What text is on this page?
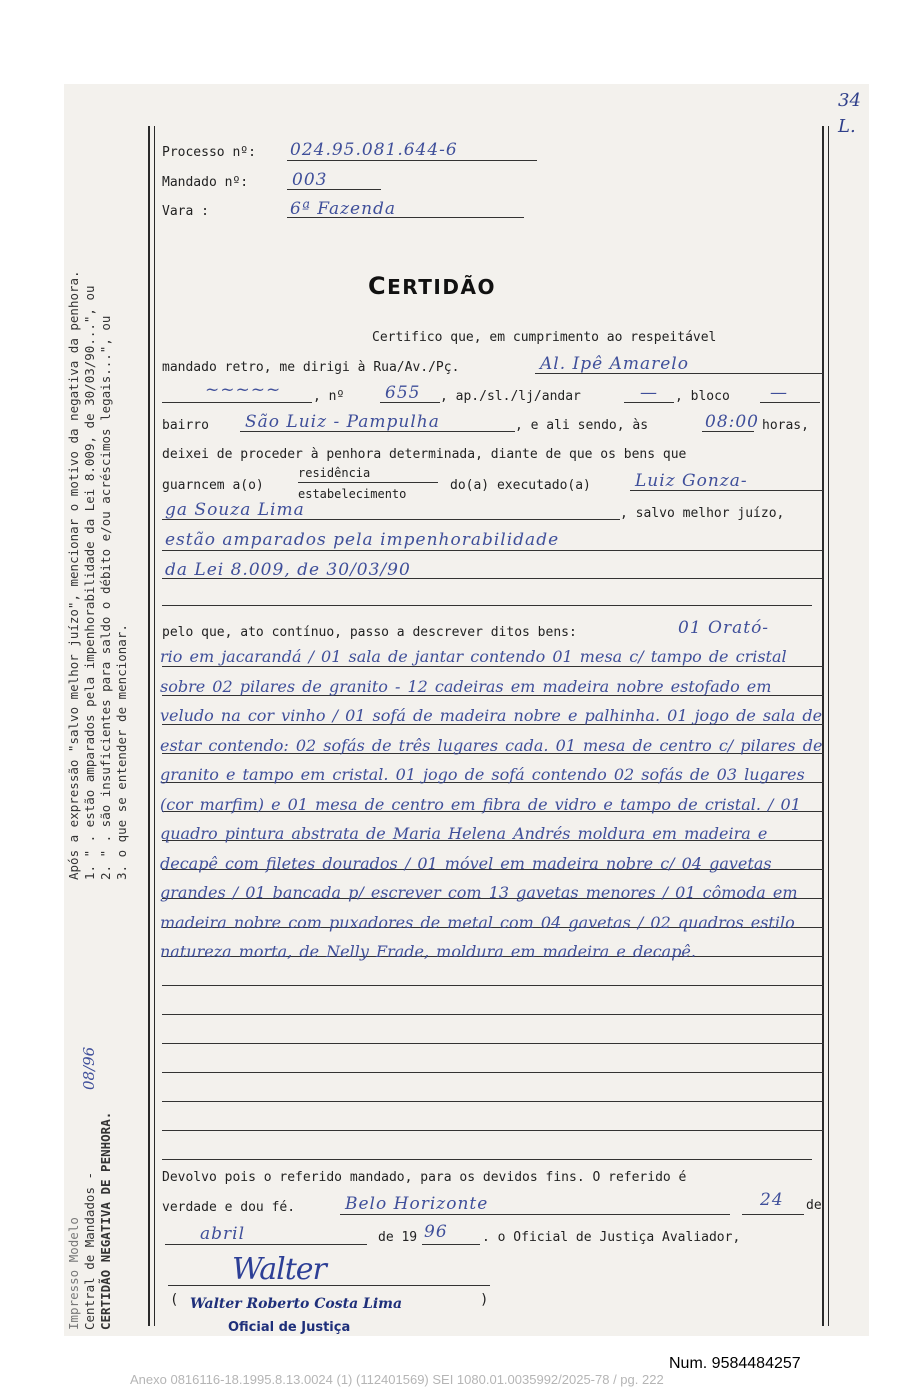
34
L.
Após a expressão "salvo melhor juízo", mencionar o motivo da negativa da penhora. 1. " . estão amparados pela impenhorabilidade da Lei 8.009, de 30/03/90...", ou 2. " . são insuficientes para saldo o débito e/ou acréscimos legais...", ou 3. o que se entender de mencionar.
Impresso Modelo Central de Mandados - CERTIDÃO NEGATIVA DE PENHORA.
08/96
Processo nº: 024.95.081.644-6
Mandado nº:	003
Vara :	6ª Fazenda
CERTIDÃO
Certifico que, em cumprimento ao respeitável
mandado retro, me dirigi à Rua/Av./Pç.	Al. Ipê Amarelo
~~~~~ , nº 655 , ap./sl./lj/andar	— , bloco —
bairro São Luiz - Pampulha	, e ali sendo, às	08:00 horas,
deixei de proceder à penhora determinada, diante de que os bens que
guarncem a(o)
residência
estabelecimento
do(a) executado(a)	Luiz Gonza-
ga Souza Lima	, salvo melhor juízo,
estão amparados pela impenhorabilidade
da Lei 8.009, de 30/03/90
pelo que, ato contínuo, passo a descrever ditos bens:	01 Orató-
rio em jacarandá / 01 sala de jantar contendo 01 mesa c/ tampo de cristal sobre 02 pilares de granito - 12 cadeiras em madeira nobre estofado em veludo na cor vinho / 01 sofá de madeira nobre e palhinha. 01 jogo de sala de estar contendo: 02 sofás de três lugares cada. 01 mesa de centro c/ pilares de granito e tampo em cristal. 01 jogo de sofá contendo 02 sofás de 03 lugares (cor marfim) e 01 mesa de centro em fibra de vidro e tampo de cristal. / 01 quadro pintura abstrata de Maria Helena Andrés moldura em madeira e decapê com filetes dourados / 01 móvel em madeira nobre c/ 04 gavetas grandes / 01 bancada p/ escrever com 13 gavetas menores / 01 cômoda em madeira nobre com puxadores de metal com 04 gavetas / 02 quadros estilo natureza morta, de Nelly Frade, moldura em madeira e decapê.
Devolvo pois o referido mandado, para os devidos fins. O referido é
verdade e dou fé.	Belo Horizonte	24 de
abril	de 19 96	. o Oficial de Justiça Avaliador,
Walter
( Walter Roberto Costa Lima	)
Oficial de Justiça
Num. 9584484257
Anexo 0816116-18.1995.8.13.0024 (1) (112401569) SEI 1080.01.0035992/2025-78 / pg. 222
